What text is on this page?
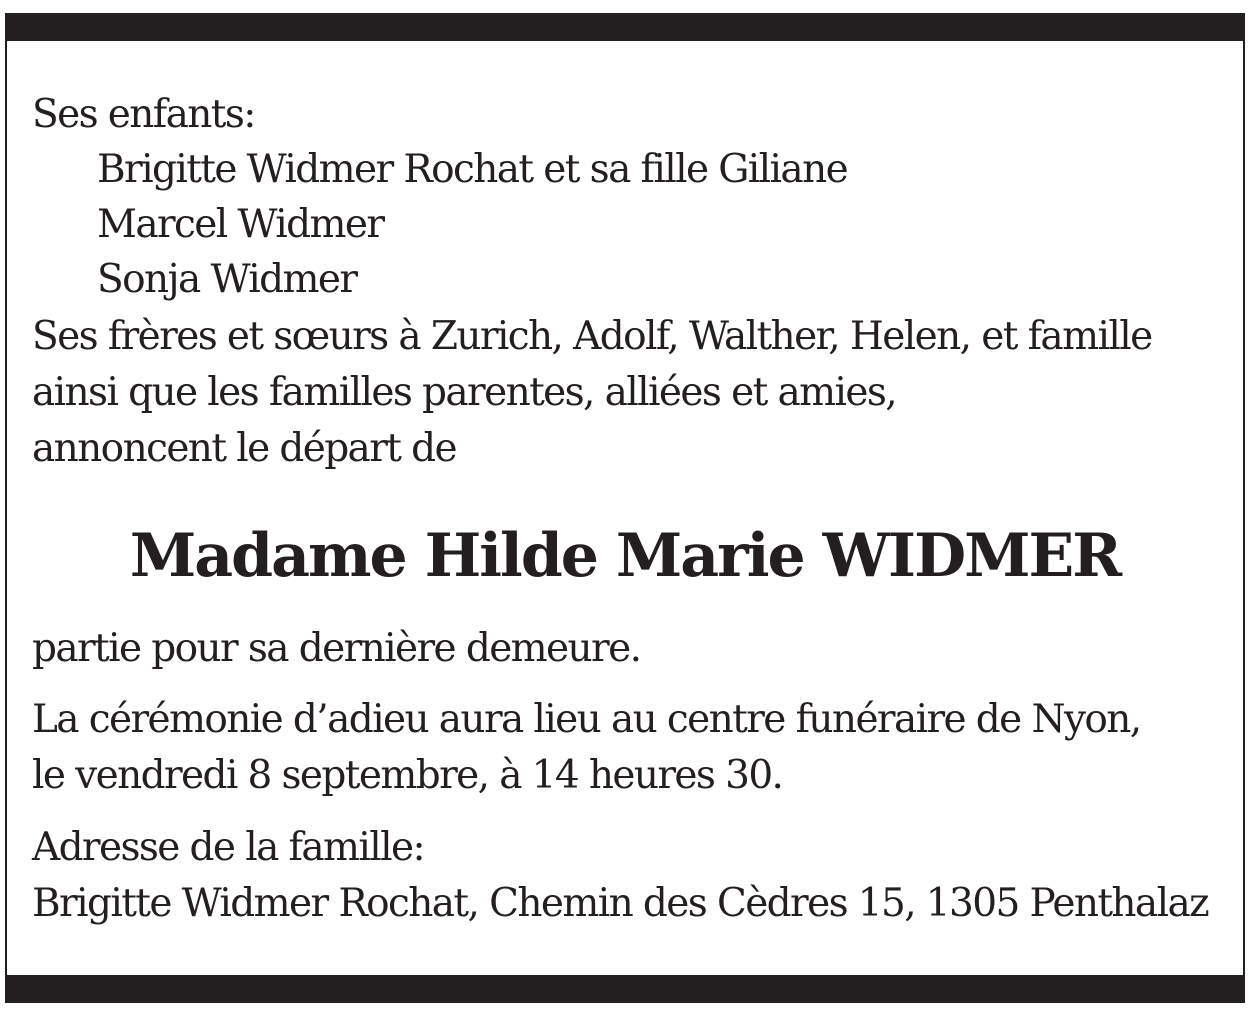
Ses enfants:
Brigitte Widmer Rochat et sa fille Giliane
Marcel Widmer
Sonja Widmer
Ses frères et sœurs à Zurich, Adolf, Walther, Helen, et famille
ainsi que les familles parentes, alliées et amies,
annoncent le départ de
Madame Hilde Marie WIDMER
partie pour sa dernière demeure.
La cérémonie d’adieu aura lieu au centre funéraire de Nyon,
le vendredi 8 septembre, à 14 heures 30.
Adresse de la famille:
Brigitte Widmer Rochat, Chemin des Cèdres 15, 1305 Penthalaz
